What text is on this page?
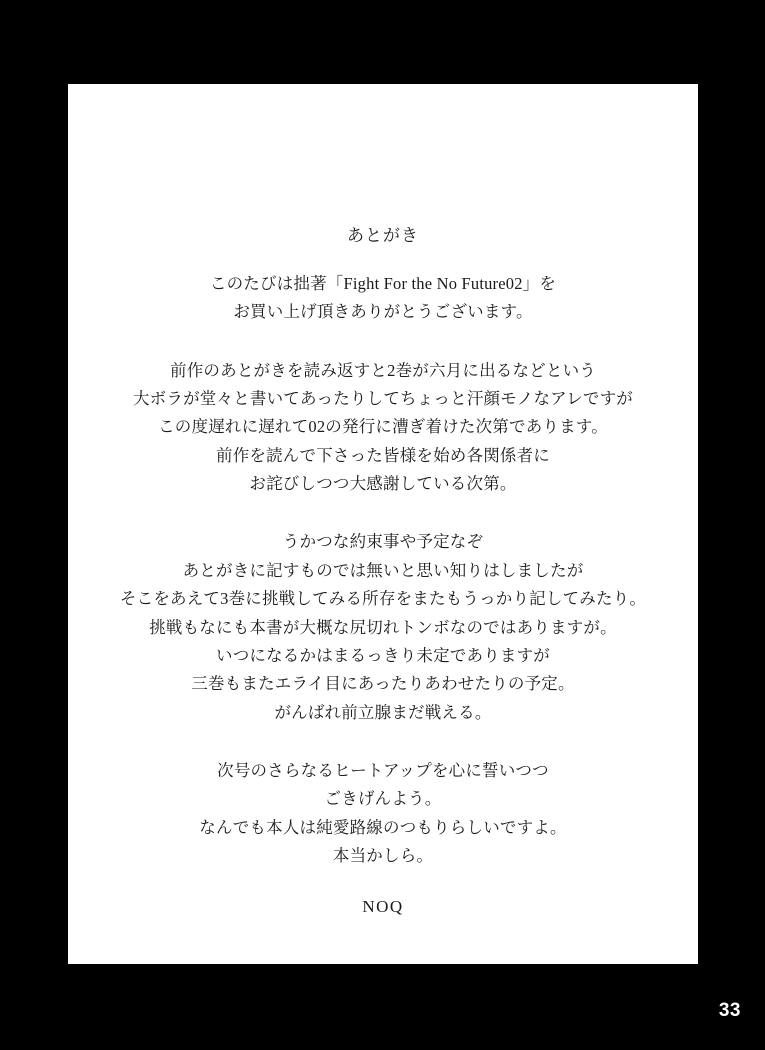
あとがき

このたびは拙著「Fight For the No Future02」を

お買い上げ頂きありがとうございます。

前作のあとがきを読み返すと2巻が六月に出るなどという

大ボラが堂々と書いてあったりしてちょっと汗顔モノなアレですが

この度遅れに遅れて02の発行に漕ぎ着けた次第であります。

前作を読んで下さった皆様を始め各関係者に

お詫びしつつ大感謝している次第。

うかつな約束事や予定なぞ

あとがきに記すものでは無いと思い知りはしましたが

そこをあえて3巻に挑戦してみる所存をまたもうっかり記してみたり。

挑戦もなにも本書が大概な尻切れトンボなのではありますが。

いつになるかはまるっきり未定でありますが

三巻もまたエライ目にあったりあわせたりの予定。

がんばれ前立腺まだ戦える。

次号のさらなるヒートアップを心に誓いつつ

ごきげんよう。

なんでも本人は純愛路線のつもりらしいですよ。

本当かしら。

NOQ
33
